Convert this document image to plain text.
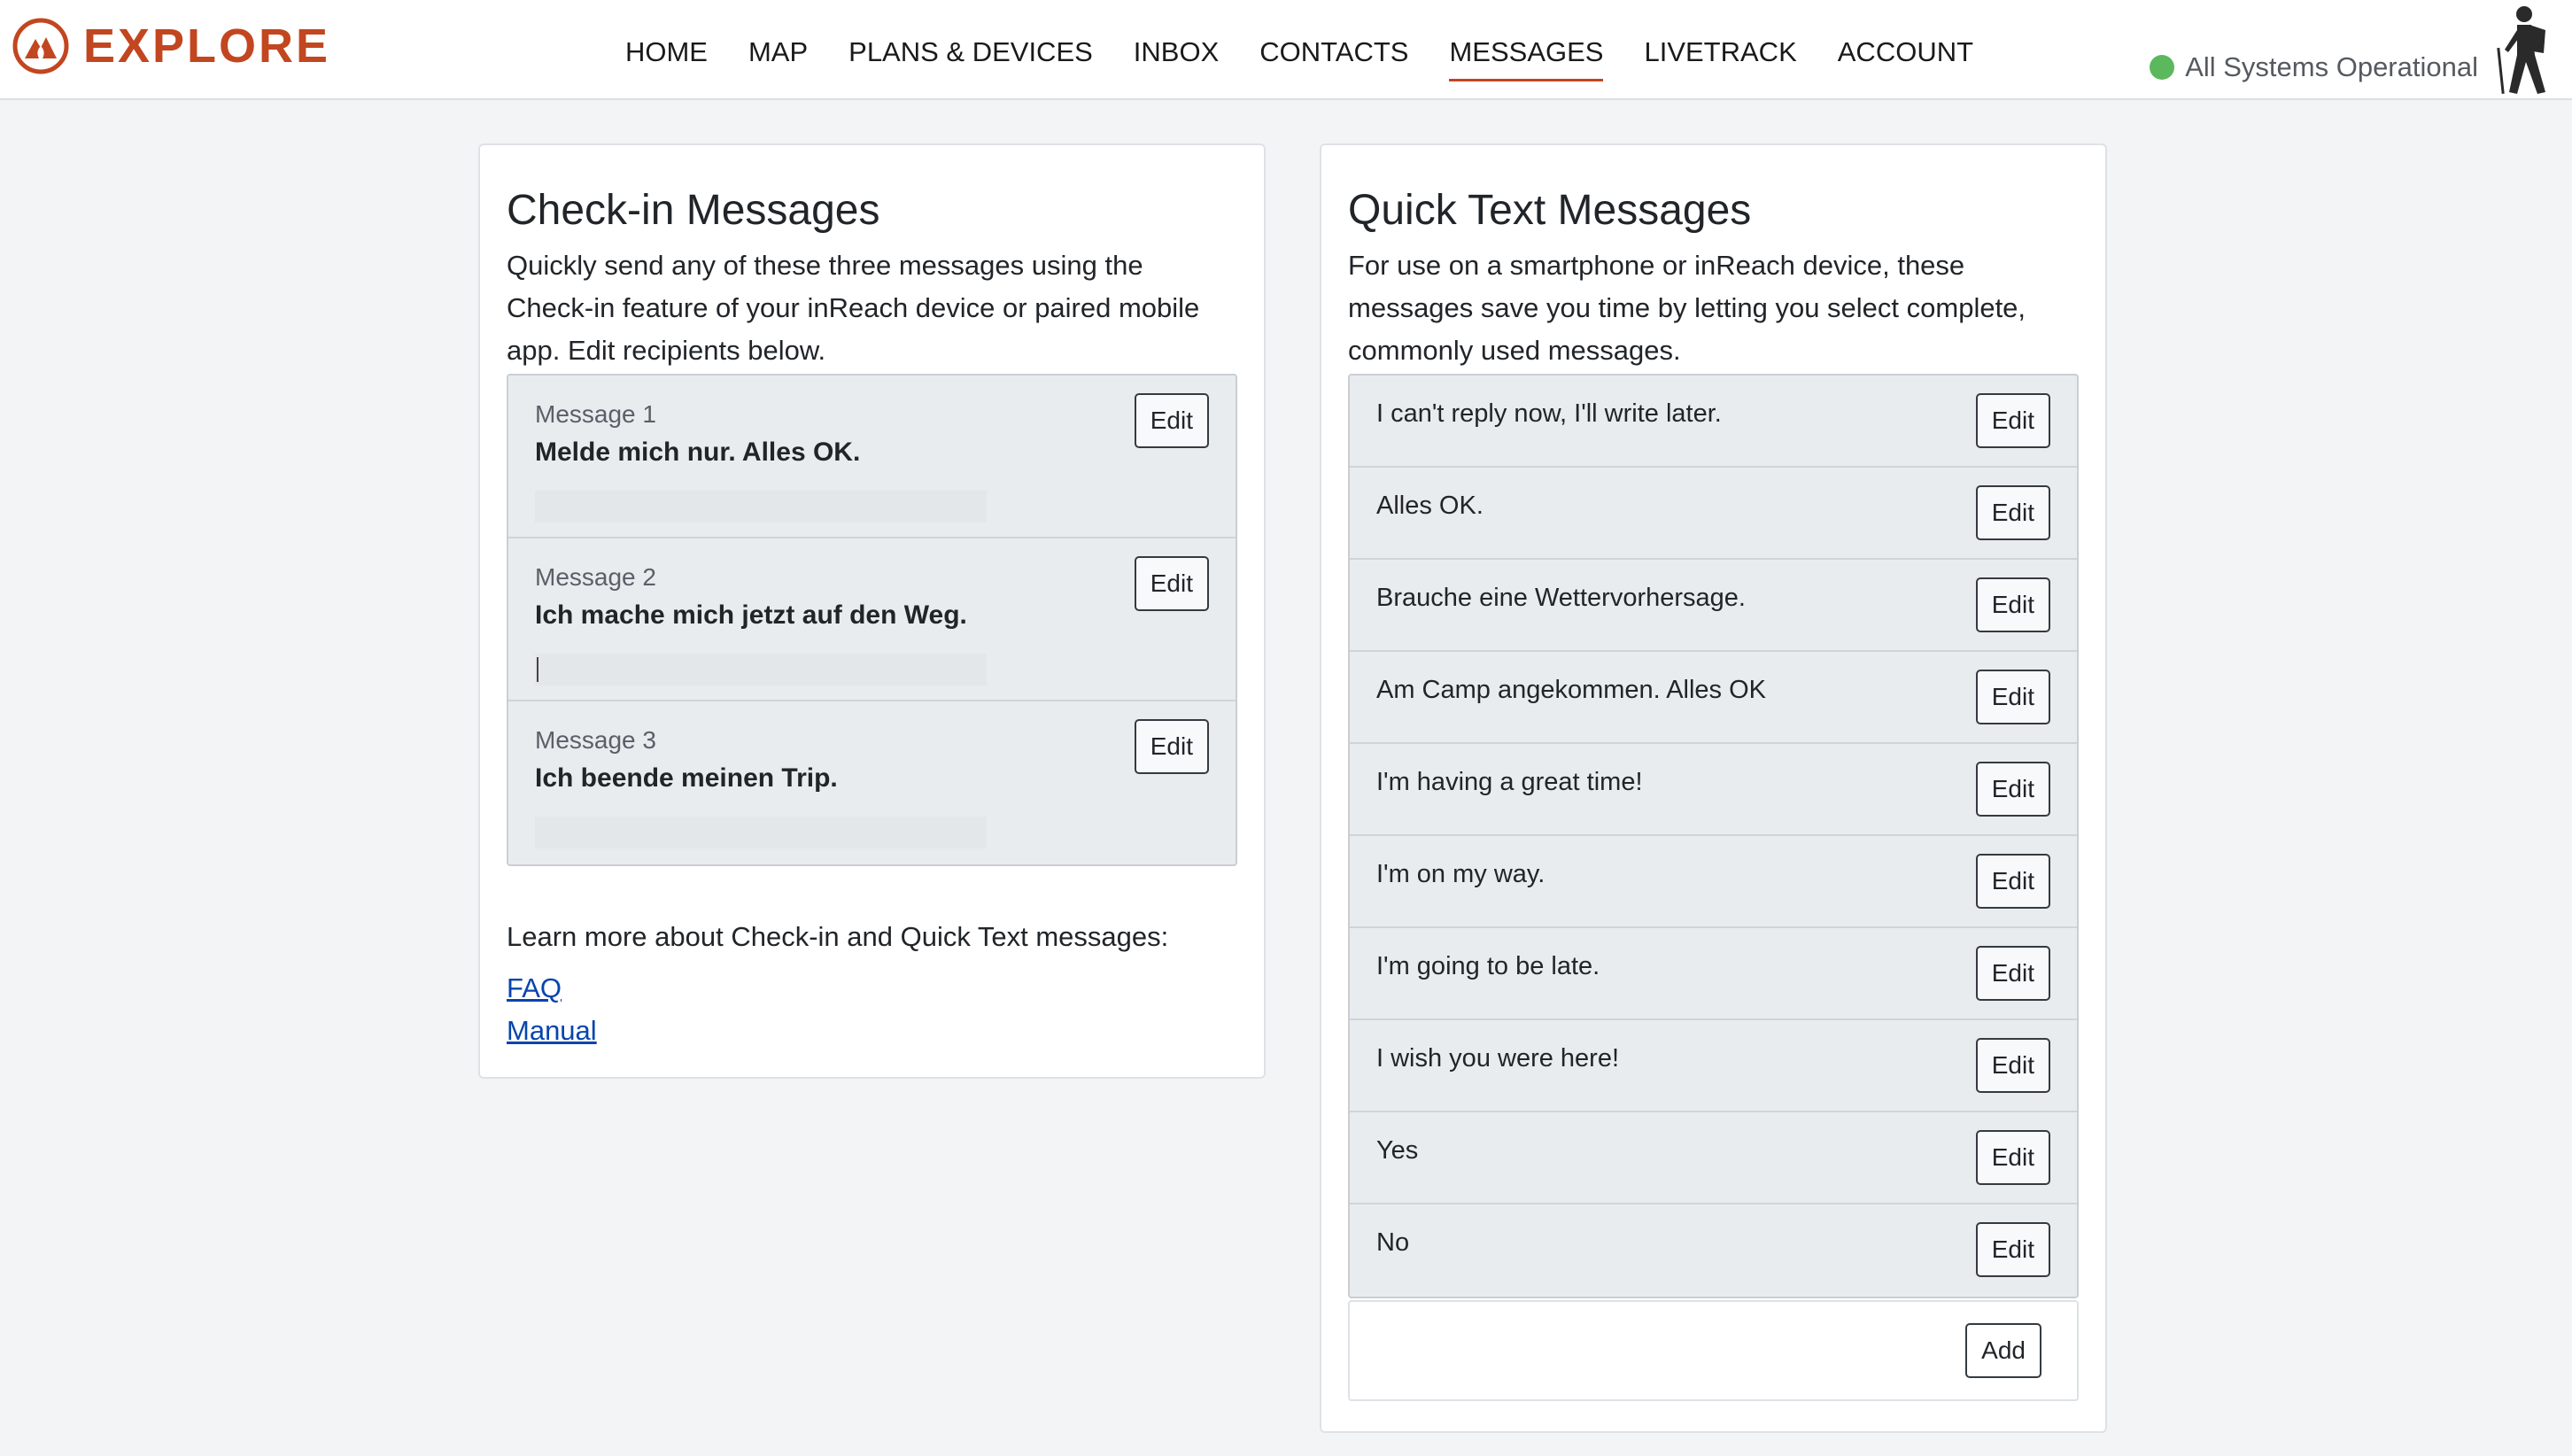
EXPLORE	HOME MAP PLANS & DEVICES INBOX CONTACTS MESSAGES LIVETRACK ACCOUNT	All Systems Operational
Check-in Messages

Quickly send any of these three messages using the Check-in feature of your inReach device or paired mobile app. Edit recipients below.

Message 1
Melde mich nur. Alles OK.
Edit
Message 2
Ich mache mich jetzt auf den Weg.
Edit
Message 3
Ich beende meinen Trip.
Edit

Learn more about Check-in and Quick Text messages:

FAQ
Manual
Quick Text Messages

For use on a smartphone or inReach device, these messages save you time by letting you select complete, commonly used messages.

I can't reply now, I'll write later.	Edit
Alles OK.	Edit
Brauche eine Wettervorhersage.	Edit
Am Camp angekommen. Alles OK	Edit
I'm having a great time!	Edit
I'm on my way.	Edit
I'm going to be late.	Edit
I wish you were here!	Edit
Yes	Edit
No	Edit
Add
